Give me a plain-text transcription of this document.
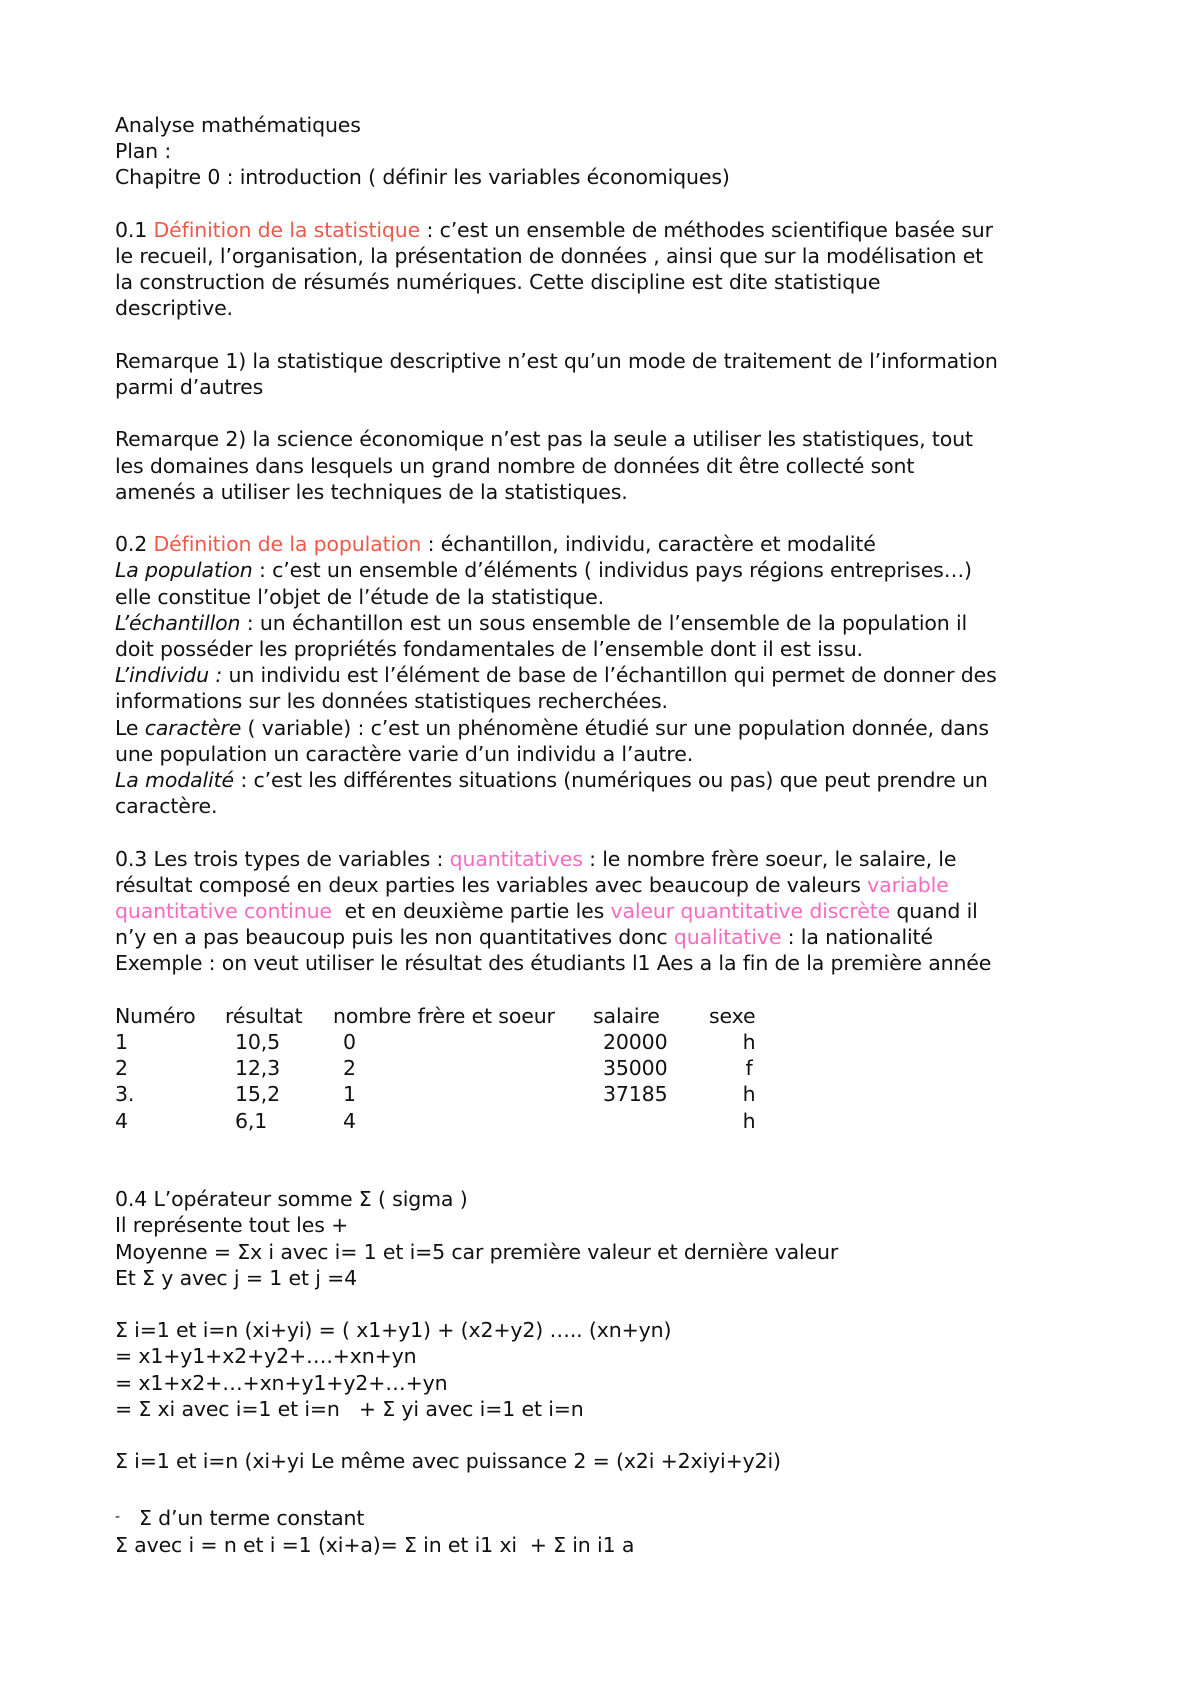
Analyse mathématiques
Plan :
Chapitre 0 : introduction ( définir les variables économiques)
0.1 Définition de la statistique : c’est un ensemble de méthodes scientifique basée sur
le recueil, l’organisation, la présentation de données , ainsi que sur la modélisation et
la construction de résumés numériques. Cette discipline est dite statistique
descriptive.
Remarque 1) la statistique descriptive n’est qu’un mode de traitement de l’information
parmi d’autres
Remarque 2) la science économique n’est pas la seule a utiliser les statistiques, tout
les domaines dans lesquels un grand nombre de données dit être collecté sont
amenés a utiliser les techniques de la statistiques.
0.2 Définition de la population : échantillon, individu, caractère et modalité
La population : c’est un ensemble d’éléments ( individus pays régions entreprises…)
elle constitue l’objet de l’étude de la statistique.
L’échantillon : un échantillon est un sous ensemble de l’ensemble de la population il
doit posséder les propriétés fondamentales de l’ensemble dont il est issu.
L’individu : un individu est l’élément de base de l’échantillon qui permet de donner des
informations sur les données statistiques recherchées.
Le caractère ( variable) : c’est un phénomène étudié sur une population donnée, dans
une population un caractère varie d’un individu a l’autre.
La modalité : c’est les différentes situations (numériques ou pas) que peut prendre un
caractère.
0.3 Les trois types de variables : quantitatives : le nombre frère soeur, le salaire, le
résultat composé en deux parties les variables avec beaucoup de valeurs variable
quantitative continue  et en deuxième partie les valeur quantitative discrète quand il
n’y en a pas beaucoup puis les non quantitatives donc qualitative : la nationalité
Exemple : on veut utiliser le résultat des étudiants l1 Aes a la fin de la première année
Numéro	résultat	nombre frère et soeur	salaire	sexe
1	10,5	0	20000	h
2	12,3	2	35000	f
3.	15,2	1	37185	h
4	6,1	4		h
0.4 L’opérateur somme Σ ( sigma )
Il représente tout les +
Moyenne = Σx i avec i= 1 et i=5 car première valeur et dernière valeur
Et Σ y avec j = 1 et j =4
Σ i=1 et i=n (xi+yi) = ( x1+y1) + (x2+y2) ….. (xn+yn)
= x1+y1+x2+y2+….+xn+yn
= x1+x2+…+xn+y1+y2+…+yn
= Σ xi avec i=1 et i=n   + Σ yi avec i=1 et i=n
Σ i=1 et i=n (xi+yi Le même avec puissance 2 = (x2i +2xiyi+y2i)
- Σ d’un terme constant
Σ avec i = n et i =1 (xi+a)= Σ in et i1 xi  + Σ in i1 a
